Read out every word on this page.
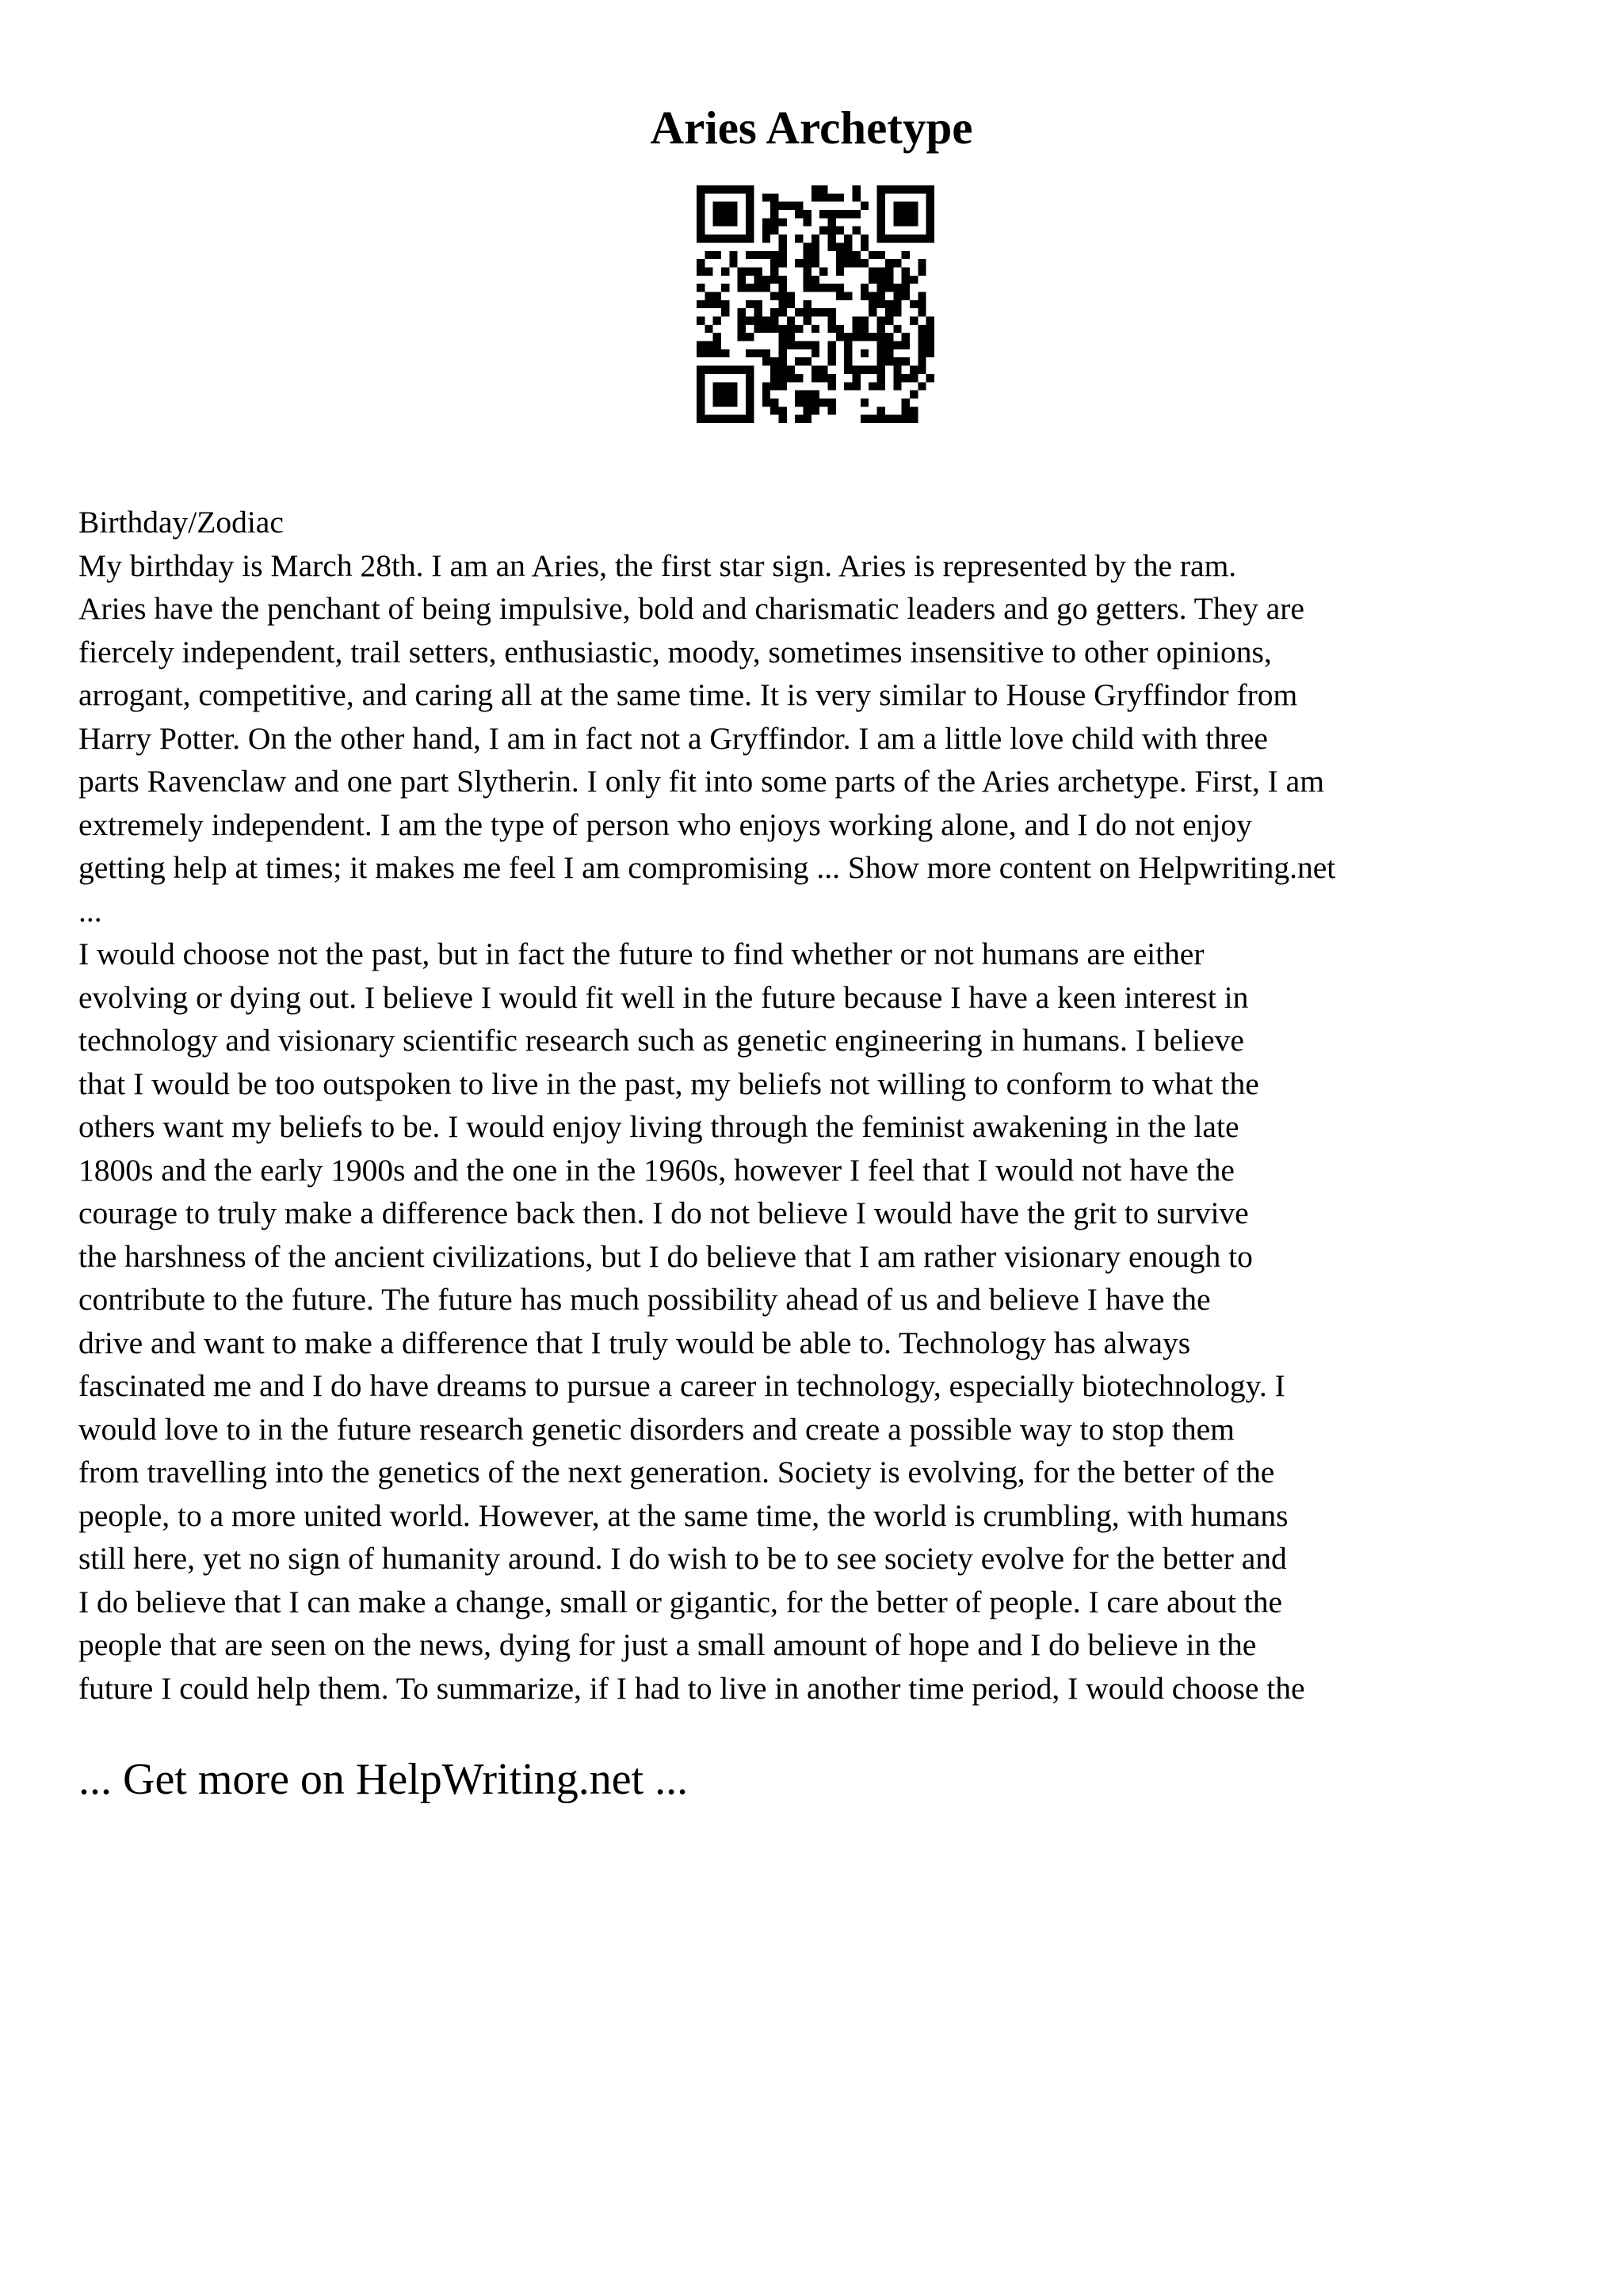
Aries Archetype

Birthday/Zodiac

My birthday is March 28th. I am an Aries, the first star sign. Aries is represented by the ram.
Aries have the penchant of being impulsive, bold and charismatic leaders and go getters. They are
fiercely independent, trail setters, enthusiastic, moody, sometimes insensitive to other opinions,
arrogant, competitive, and caring all at the same time. It is very similar to House Gryffindor from
Harry Potter. On the other hand, I am in fact not a Gryffindor. I am a little love child with three
parts Ravenclaw and one part Slytherin. I only fit into some parts of the Aries archetype. First, I am
extremely independent. I am the type of person who enjoys working alone, and I do not enjoy
getting help at times; it makes me feel I am compromising ... Show more content on Helpwriting.net

...

I would choose not the past, but in fact the future to find whether or not humans are either
evolving or dying out. I believe I would fit well in the future because I have a keen interest in
technology and visionary scientific research such as genetic engineering in humans. I believe
that I would be too outspoken to live in the past, my beliefs not willing to conform to what the
others want my beliefs to be. I would enjoy living through the feminist awakening in the late
1800s and the early 1900s and the one in the 1960s, however I feel that I would not have the
courage to truly make a difference back then. I do not believe I would have the grit to survive
the harshness of the ancient civilizations, but I do believe that I am rather visionary enough to
contribute to the future. The future has much possibility ahead of us and believe I have the
drive and want to make a difference that I truly would be able to. Technology has always
fascinated me and I do have dreams to pursue a career in technology, especially biotechnology. I
would love to in the future research genetic disorders and create a possible way to stop them
from travelling into the genetics of the next generation. Society is evolving, for the better of the
people, to a more united world. However, at the same time, the world is crumbling, with humans
still here, yet no sign of humanity around. I do wish to be to see society evolve for the better and
I do believe that I can make a change, small or gigantic, for the better of people. I care about the
people that are seen on the news, dying for just a small amount of hope and I do believe in the
future I could help them. To summarize, if I had to live in another time period, I would choose the

... Get more on HelpWriting.net ...
